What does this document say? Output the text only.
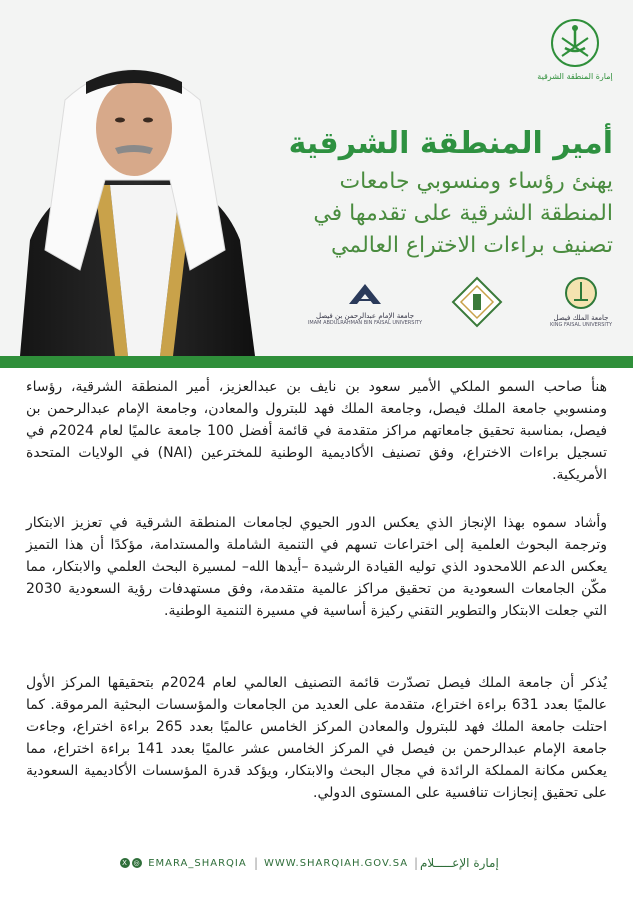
إمارة المنطقة الشرقية
أمير المنطقة الشرقية
يهنئ رؤساء ومنسوبي جامعات
المنطقة الشرقية على تقدمها في
تصنيف براءات الاختراع العالمي
جامعة الإمام عبدالرحمن بن فيصل
IMAM ABDULRAHMAN BIN FAISAL UNIVERSITY
جامعة الملك فيصل
KING FAISAL UNIVERSITY
هنأ صاحب السمو الملكي الأمير سعود بن نايف بن عبدالعزيز، أمير المنطقة الشرقية، رؤساء ومنسوبي جامعة الملك فيصل، وجامعة الملك فهد للبترول والمعادن، وجامعة الإمام عبدالرحمن بن فيصل، بمناسبة تحقيق جامعاتهم مراكز متقدمة في قائمة أفضل 100 جامعة عالميًا لعام 2024م في تسجيل براءات الاختراع، وفق تصنيف الأكاديمية الوطنية للمخترعين (NAI) في الولايات المتحدة الأمريكية.
وأشاد سموه بهذا الإنجاز الذي يعكس الدور الحيوي لجامعات المنطقة الشرقية في تعزيز الابتكار وترجمة البحوث العلمية إلى اختراعات تسهم في التنمية الشاملة والمستدامة، مؤكدًا أن هذا التميز يعكس الدعم اللامحدود الذي توليه القيادة الرشيدة –أيدها الله– لمسيرة البحث العلمي والابتكار، مما مكّن الجامعات السعودية من تحقيق مراكز عالمية متقدمة، وفق مستهدفات رؤية السعودية 2030 التي جعلت الابتكار والتطوير التقني ركيزة أساسية في مسيرة التنمية الوطنية.
يُذكر أن جامعة الملك فيصل تصدّرت قائمة التصنيف العالمي لعام 2024م بتحقيقها المركز الأول عالميًا بعدد 631 براءة اختراع، متقدمة على العديد من الجامعات والمؤسسات البحثية المرموقة. كما احتلت جامعة الملك فهد للبترول والمعادن المركز الخامس عالميًا بعدد 265 براءة اختراع، وجاءت جامعة الإمام عبدالرحمن بن فيصل في المركز الخامس عشر عالميًا بعدد 141 براءة اختراع، مما يعكس مكانة المملكة الرائدة في مجال البحث والابتكار، ويؤكد قدرة المؤسسات الأكاديمية السعودية على تحقيق إنجازات تنافسية على المستوى الدولي.
X ◎ EMARA_SHARQIA | WWW.SHARQIAH.GOV.SA | إمارة الإعـــــلام
